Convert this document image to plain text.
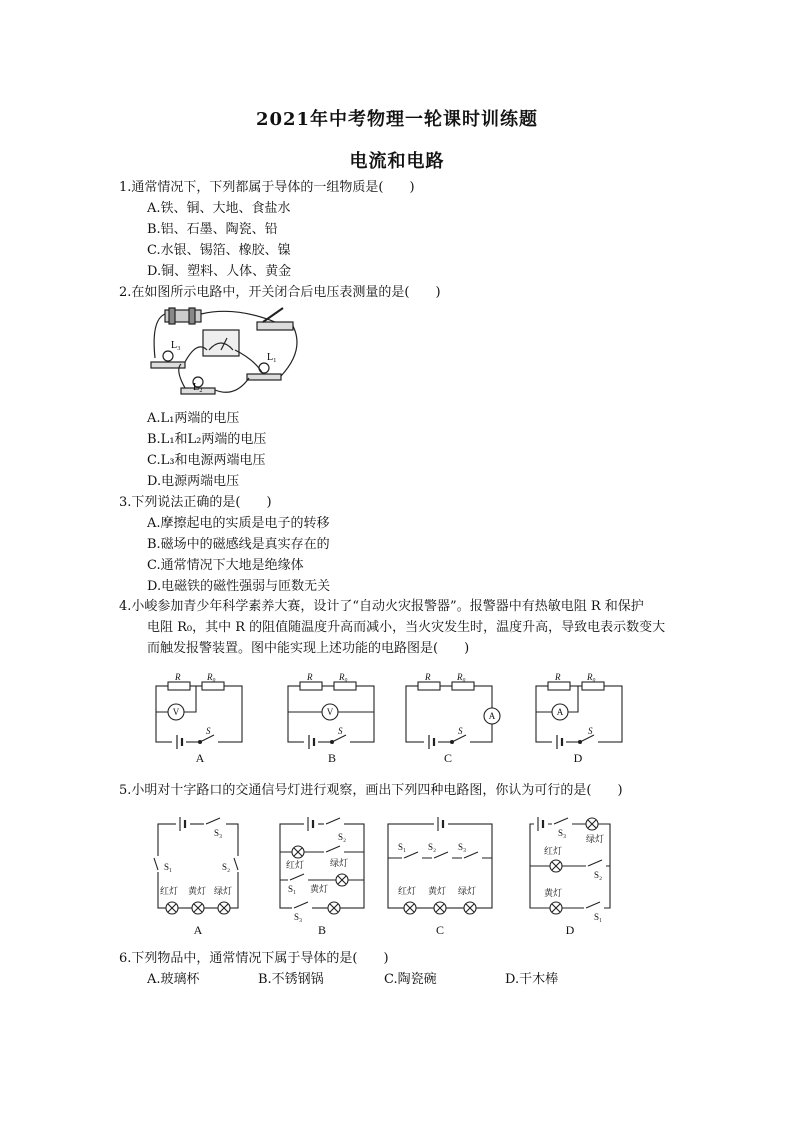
2021年中考物理一轮课时训练题
电流和电路
1.通常情况下，下列都属于导体的一组物质是(　　)
A.铁、铜、大地、食盐水
B.铝、石墨、陶瓷、铅
C.水银、锡箔、橡胶、镍
D.铜、塑料、人体、黄金
2.在如图所示电路中，开关闭合后电压表测量的是(　　)
L₃
L₁
L₂
A.L₁两端的电压
B.L₁和L₂两端的电压
C.L₃和电源两端电压
D.电源两端电压
3.下列说法正确的是(　　)
A.摩擦起电的实质是电子的转移
B.磁场中的磁感线是真实存在的
C.通常情况下大地是绝缘体
D.电磁铁的磁性强弱与匝数无关
4.小峻参加青少年科学素养大赛，设计了“自动火灾报警器”。报警器中有热敏电阻 R 和保护
电阻 R₀，其中 R 的阻值随温度升高而减小，当火灾发生时，温度升高，导致电表示数变大
而触发报警装置。图中能实现上述功能的电路图是(　　)
R	R₀
S
R	R₀
S
R	R₀
S
R	R₀
S
V	V	A	A
A	B	C	D
5.小明对十字路口的交通信号灯进行观察，画出下列四种电路图，你认为可行的是(　　)
S₃
S₁	S₂
红灯 黄灯 绿灯
S₂
红灯	绿灯
S₁ 黄灯
S₃
S₁ S₂ S₃
红灯 黄灯 绿灯
S₃
绿灯
红灯
S₂
黄灯
S₁
A	B	C	D
6.下列物品中，通常情况下属于导体的是(　　)
A.玻璃杯	B.不锈钢锅	C.陶瓷碗	D.干木棒
